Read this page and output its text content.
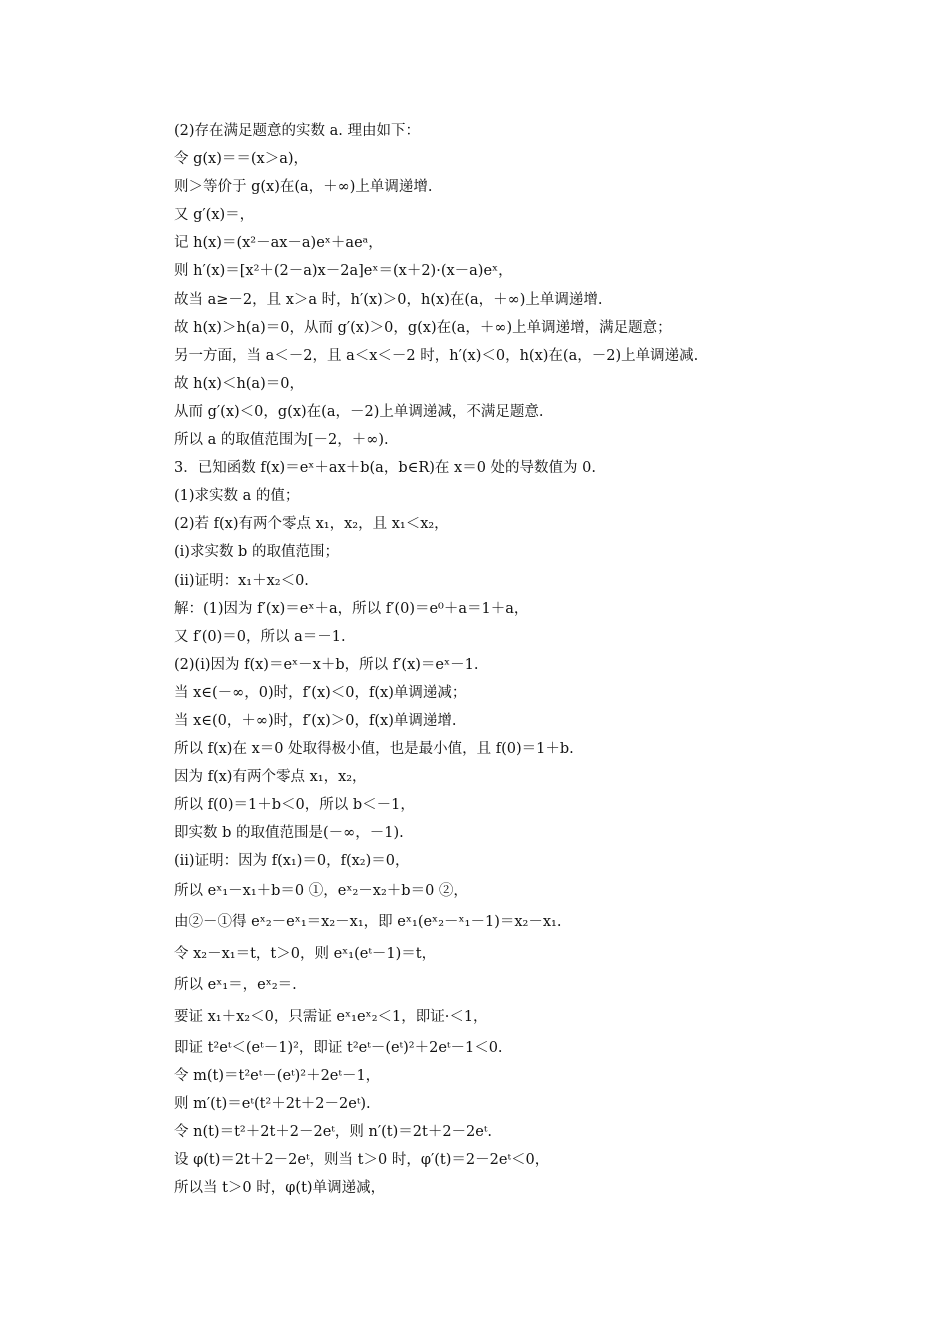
(2)存在满足题意的实数 a. 理由如下：
令 g(x)＝＝(x＞a)，
则＞等价于 g(x)在(a，＋∞)上单调递增.
又 g′(x)＝，
记 h(x)＝(x²－ax－a)eˣ＋aeᵃ，
则 h′(x)＝[x²＋(2－a)x－2a]eˣ＝(x＋2)·(x－a)eˣ，
故当 a≥－2，且 x＞a 时，h′(x)＞0，h(x)在(a，＋∞)上单调递增.
故 h(x)＞h(a)＝0，从而 g′(x)＞0，g(x)在(a，＋∞)上单调递增，满足题意；
另一方面，当 a＜－2，且 a＜x＜－2 时，h′(x)＜0，h(x)在(a，－2)上单调递减.
故 h(x)＜h(a)＝0，
从而 g′(x)＜0，g(x)在(a，－2)上单调递减，不满足题意.
所以 a 的取值范围为[－2，＋∞).
3．已知函数 f(x)＝eˣ＋ax＋b(a，b∈R)在 x＝0 处的导数值为 0.
(1)求实数 a 的值；
(2)若 f(x)有两个零点 x₁，x₂，且 x₁＜x₂，
(ⅰ)求实数 b 的取值范围；
(ⅱ)证明：x₁＋x₂＜0.
解：(1)因为 f′(x)＝eˣ＋a，所以 f′(0)＝e⁰＋a＝1＋a，
又 f′(0)＝0，所以 a＝－1.
(2)(ⅰ)因为 f(x)＝eˣ－x＋b，所以 f′(x)＝eˣ－1.
当 x∈(－∞，0)时，f′(x)＜0，f(x)单调递减；
当 x∈(0，＋∞)时，f′(x)＞0，f(x)单调递增.
所以 f(x)在 x＝0 处取得极小值，也是最小值，且 f(0)＝1＋b.
因为 f(x)有两个零点 x₁，x₂，
所以 f(0)＝1＋b＜0，所以 b＜－1，
即实数 b 的取值范围是(－∞，－1).
(ⅱ)证明：因为 f(x₁)＝0，f(x₂)＝0，
所以 eˣ₁－x₁＋b＝0 ①，eˣ₂－x₂＋b＝0 ②，
由②－①得 eˣ₂－eˣ₁＝x₂－x₁，即 eˣ₁(eˣ₂－ˣ₁－1)＝x₂－x₁.
令 x₂－x₁＝t，t＞0，则 eˣ₁(eᵗ－1)＝t，
所以 eˣ₁＝，eˣ₂＝.
要证 x₁＋x₂＜0，只需证 eˣ₁eˣ₂＜1，即证·＜1，
即证 t²eᵗ＜(eᵗ－1)²，即证 t²eᵗ－(eᵗ)²＋2eᵗ－1＜0.
令 m(t)＝t²eᵗ－(eᵗ)²＋2eᵗ－1，
则 m′(t)＝eᵗ(t²＋2t＋2－2eᵗ).
令 n(t)＝t²＋2t＋2－2eᵗ，则 n′(t)＝2t＋2－2eᵗ.
设 φ(t)＝2t＋2－2eᵗ，则当 t＞0 时，φ′(t)＝2－2eᵗ＜0，
所以当 t＞0 时，φ(t)单调递减，
